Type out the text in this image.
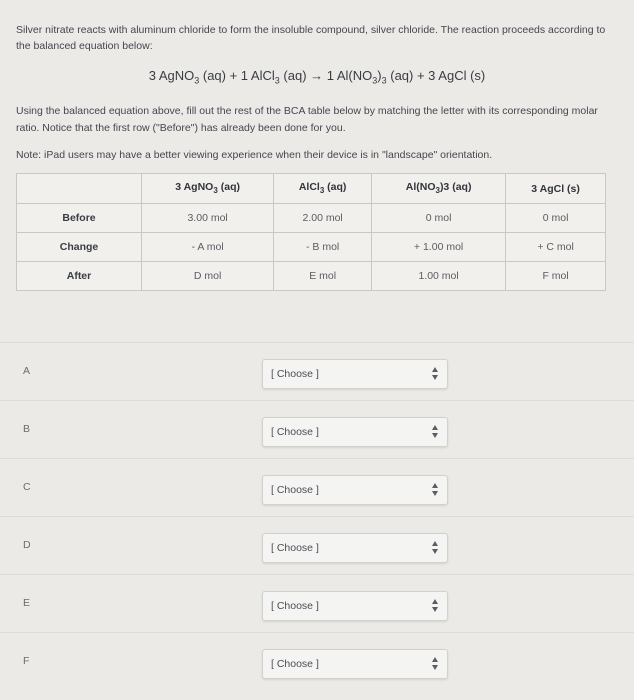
Silver nitrate reacts with aluminum chloride to form the insoluble compound, silver chloride. The reaction proceeds according to the balanced equation below:
3 AgNO$_3$ (aq) + 1 AlCl$_3$ (aq) → 1 $Al(NO_3)_3$ (aq) + 3 AgCl (s)
Using the balanced equation above, fill out the rest of the BCA table below by matching the letter with its corresponding molar ratio. Notice that the first row ("Before") has already been done for you.
Note: iPad users may have a better viewing experience when their device is in "landscape" orientation.
	3 AgNO$_3$ (aq)	AlCl$_3$ (aq)	$Al(NO_3)3$ (aq)	3 AgCl (s)
Before	3.00 mol	2.00 mol	0 mol	0 mol
Change	- A mol	- B mol	+ 1.00 mol	+ C mol
After	D mol	E mol	1.00 mol	F mol
A	[ Choose ]
B	[ Choose ]
C	[ Choose ]
D	[ Choose ]
E	[ Choose ]
F	[ Choose ]
